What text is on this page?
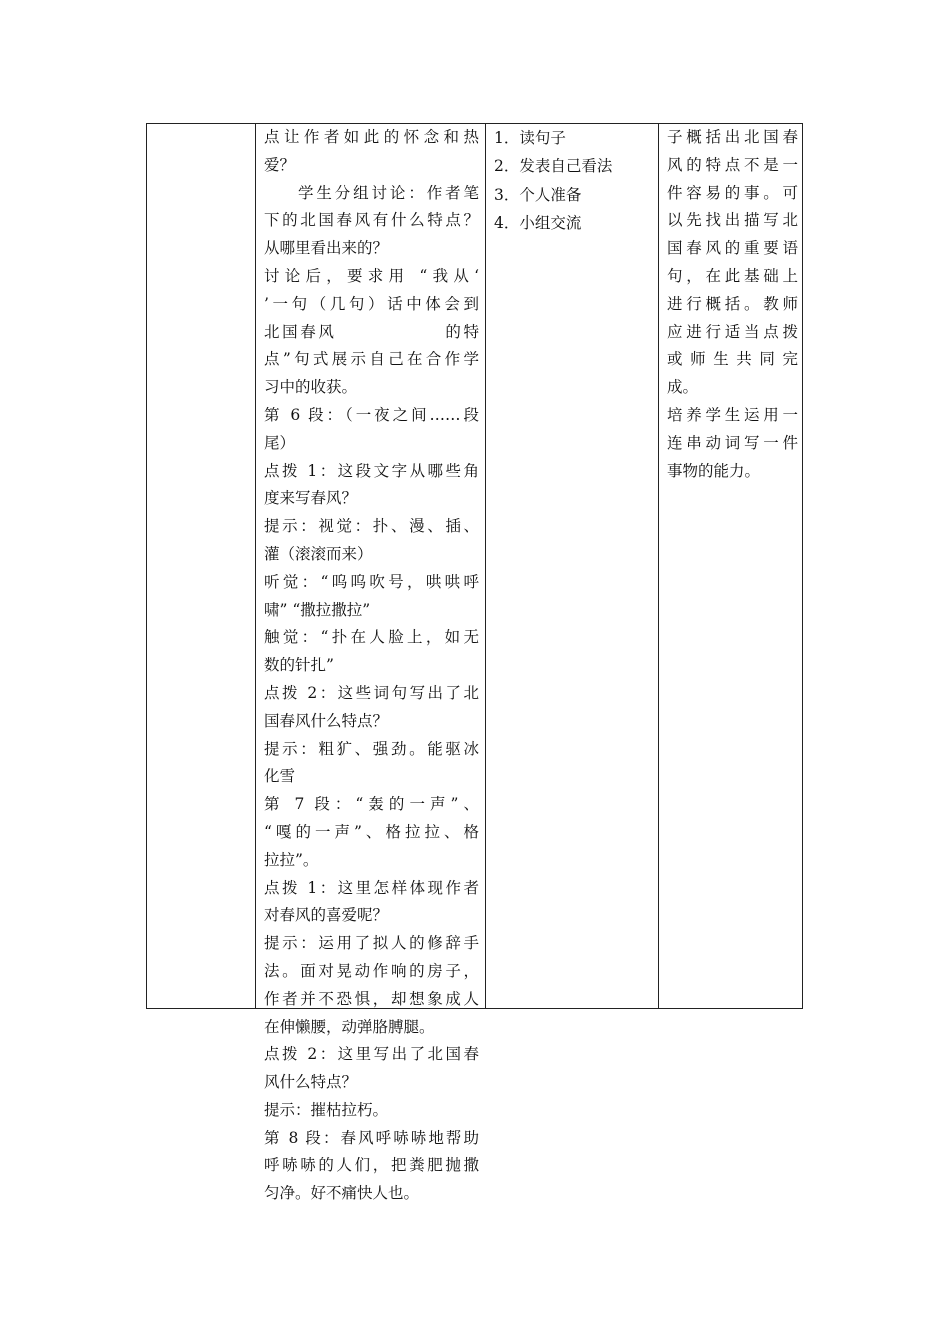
点让作者如此的怀念和热
爱？
学生分组讨论：作者笔
下的北国春风有什么特点？
从哪里看出来的？
讨论后，要求用 “我从‘
’一句（几句）话中体会到
北国春风　　　　　　的特
点”句式展示自己在合作学
习中的收获。
第 6 段：（一夜之间……段
尾）
点拨 1：这段文字从哪些角
度来写春风？
提示：视觉：扑、漫、插、
灌（滚滚而来）
听觉：“呜呜吹号，哄哄呼
啸” “撒拉撒拉”
触觉：“扑在人脸上，如无
数的针扎”
点拨 2：这些词句写出了北
国春风什么特点？
提示：粗犷、强劲。能驱冰
化雪
第 7 段：“轰的一声”、
“嘎的一声”、格拉拉、格
拉拉”。
点拨 1：这里怎样体现作者
对春风的喜爱呢？
提示：运用了拟人的修辞手
法。面对晃动作响的房子，
作者并不恐惧，却想象成人
在伸懒腰，动弹胳膊腿。
点拨 2：这里写出了北国春
风什么特点？
提示：摧枯拉朽。
第 8 段：春风呼哧哧地帮助
呼哧哧的人们，把粪肥抛撒
匀净。好不痛快人也。
1．读句子
2．发表自己看法
3．个人准备
4．小组交流
子概括出北国春
风的特点不是一
件容易的事。可
以先找出描写北
国春风的重要语
句，在此基础上
进行概括。教师
应进行适当点拨
或师生共同完
成。
培养学生运用一
连串动词写一件
事物的能力。
